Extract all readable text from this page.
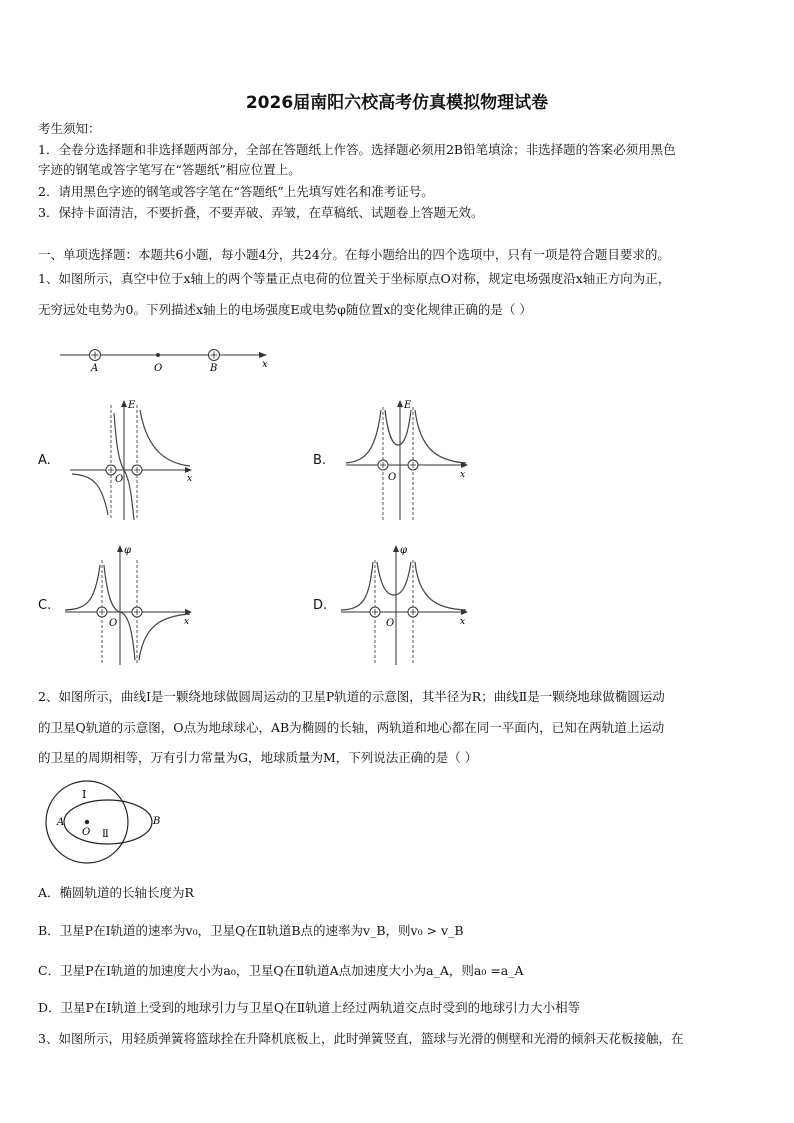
2026届南阳六校高考仿真模拟物理试卷
考生须知：
1．全卷分选择题和非选择题两部分，全部在答题纸上作答。选择题必须用2B铅笔填涂；非选择题的答案必须用黑色
字迹的钢笔或答字笔写在“答题纸”相应位置上。
2．请用黑色字迹的钢笔或答字笔在“答题纸”上先填写姓名和准考证号。
3．保持卡面清洁，不要折叠，不要弄破、弄皱，在草稿纸、试题卷上答题无效。
一、单项选择题：本题共6小题，每小题4分，共24分。在每小题给出的四个选项中，只有一项是符合题目要求的。
1、如图所示，真空中位于x轴上的两个等量正点电荷的位置关于坐标原点O对称，规定电场强度沿x轴正方向为正，
无穷远处电势为0。下列描述x轴上的电场强度E或电势φ随位置x的变化规律正确的是（ ）
A	O	B	x
A.
E
O	x
B.
E
O	x
C.
φ
O	x
D.
φ
O	x
2、如图所示，曲线Ⅰ是一颗绕地球做圆周运动的卫星P轨道的示意图，其半径为R；曲线Ⅱ是一颗绕地球做椭圆运动
的卫星Q轨道的示意图，O点为地球球心，AB为椭圆的长轴，两轨道和地心都在同一平面内，已知在两轨道上运动
的卫星的周期相等，万有引力常量为G，地球质量为M，下列说法正确的是（ ）
Ⅰ
Ⅱ
A
O
B
A．椭圆轨道的长轴长度为R
B．卫星P在Ⅰ轨道的速率为v₀，卫星Q在Ⅱ轨道B点的速率为v_B，则v₀ > v_B
C．卫星P在Ⅰ轨道的加速度大小为a₀，卫星Q在Ⅱ轨道A点加速度大小为a_A，则a₀ =a_A
D．卫星P在Ⅰ轨道上受到的地球引力与卫星Q在Ⅱ轨道上经过两轨道交点时受到的地球引力大小相等
3、如图所示，用轻质弹簧将篮球拴在升降机底板上，此时弹簧竖直，篮球与光滑的侧壁和光滑的倾斜天花板接触，在
